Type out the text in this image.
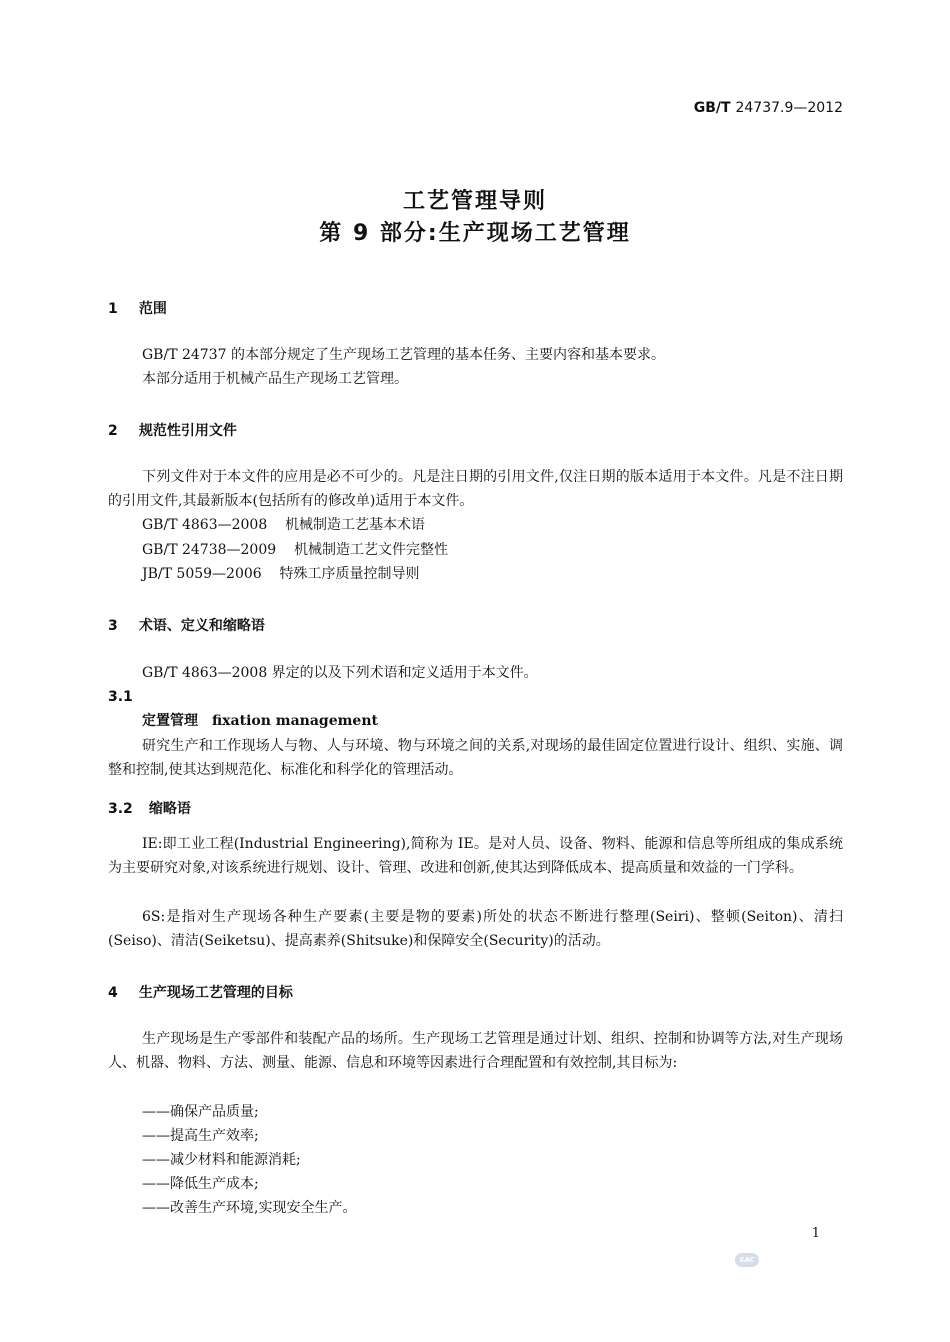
GB/T 24737.9—2012
工艺管理导则
第 9 部分:生产现场工艺管理
1 范围
GB/T 24737 的本部分规定了生产现场工艺管理的基本任务、主要内容和基本要求。
本部分适用于机械产品生产现场工艺管理。
2 规范性引用文件
下列文件对于本文件的应用是必不可少的。凡是注日期的引用文件,仅注日期的版本适用于本文件。凡是不注日期的引用文件,其最新版本(包括所有的修改单)适用于本文件。
GB/T 4863—2008 机械制造工艺基本术语
GB/T 24738—2009 机械制造工艺文件完整性
JB/T 5059—2006 特殊工序质量控制导则
3 术语、定义和缩略语
GB/T 4863—2008 界定的以及下列术语和定义适用于本文件。
3.1
定置管理 fixation management
研究生产和工作现场人与物、人与环境、物与环境之间的关系,对现场的最佳固定位置进行设计、组织、实施、调整和控制,使其达到规范化、标准化和科学化的管理活动。
3.2 缩略语
IE:即工业工程(Industrial Engineering),简称为 IE。是对人员、设备、物料、能源和信息等所组成的集成系统为主要研究对象,对该系统进行规划、设计、管理、改进和创新,使其达到降低成本、提高质量和效益的一门学科。
6S:是指对生产现场各种生产要素(主要是物的要素)所处的状态不断进行整理(Seiri)、整顿(Seiton)、清扫(Seiso)、清洁(Seiketsu)、提高素养(Shitsuke)和保障安全(Security)的活动。
4 生产现场工艺管理的目标
生产现场是生产零部件和装配产品的场所。生产现场工艺管理是通过计划、组织、控制和协调等方法,对生产现场人、机器、物料、方法、测量、能源、信息和环境等因素进行合理配置和有效控制,其目标为:
——确保产品质量;
——提高生产效率;
——减少材料和能源消耗;
——降低生产成本;
——改善生产环境,实现安全生产。
1
SAC
